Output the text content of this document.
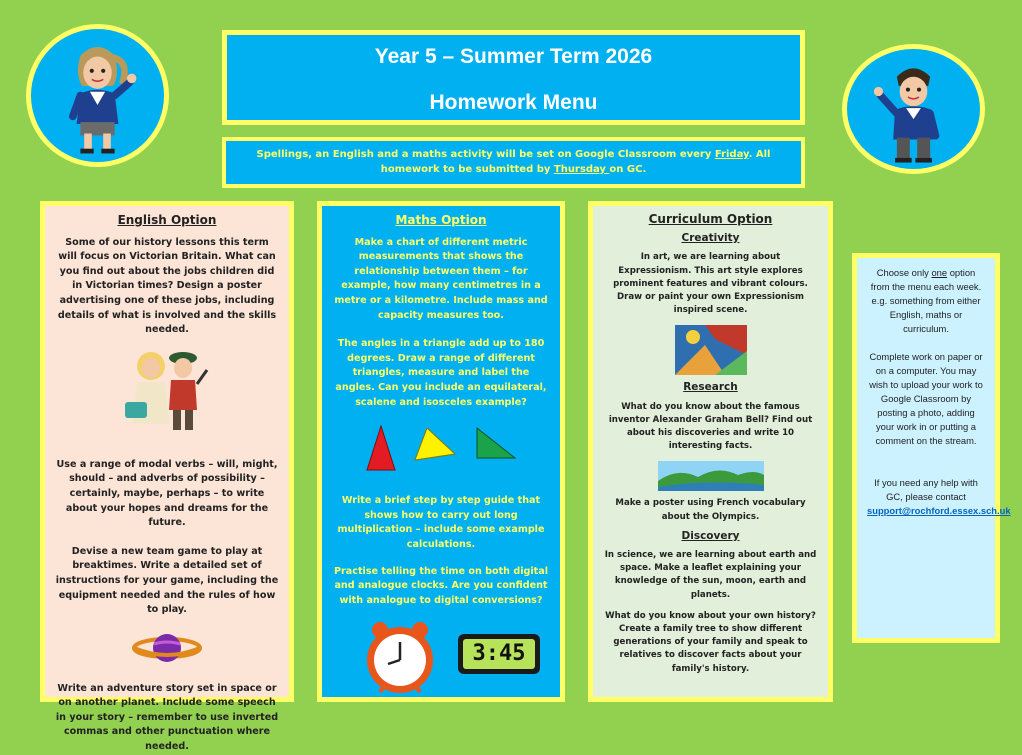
Year 5 – Summer Term 2026
Homework Menu
Spellings, an English and a maths activity will be set on Google Classroom every Friday. All homework to be submitted by Thursday on GC.
English Option

Some of our history lessons this term will focus on Victorian Britain. What can you find out about the jobs children did in Victorian times? Design a poster advertising one of these jobs, including details of what is involved and the skills needed.

Use a range of modal verbs – will, might, should – and adverbs of possibility – certainly, maybe, perhaps – to write about your hopes and dreams for the future.

Devise a new team game to play at breaktimes. Write a detailed set of instructions for your game, including the equipment needed and the rules of how to play.

Write an adventure story set in space or on another planet. Include some speech in your story – remember to use inverted commas and other punctuation where needed.

Maths Option

Make a chart of different metric measurements that shows the relationship between them – for example, how many centimetres in a metre or a kilometre. Include mass and capacity measures too.

The angles in a triangle add up to 180 degrees. Draw a range of different triangles, measure and label the angles. Can you include an equilateral, scalene and isosceles example?

Write a brief step by step guide that shows how to carry out long multiplication – include some example calculations.

Practise telling the time on both digital and analogue clocks. Are you confident with analogue to digital conversions?

3:45
Curriculum Option
Creativity

In art, we are learning about Expressionism. This art style explores prominent features and vibrant colours. Draw or paint your own Expressionism inspired scene.

Research

What do you know about the famous inventor Alexander Graham Bell? Find out about his discoveries and write 10 interesting facts.

Make a poster using French vocabulary about the Olympics.

Discovery

In science, we are learning about earth and space. Make a leaflet explaining your knowledge of the sun, moon, earth and planets.

What do you know about your own history? Create a family tree to show different generations of your family and speak to relatives to discover facts about your family's history.

Choose only one option from the menu each week. e.g. something from either English, maths or curriculum.

Complete work on paper or on a computer. You may wish to upload your work to Google Classroom by posting a photo, adding your work in or putting a comment on the stream.

If you need any help with GC, please contact

support@rochford.essex.sch.uk
